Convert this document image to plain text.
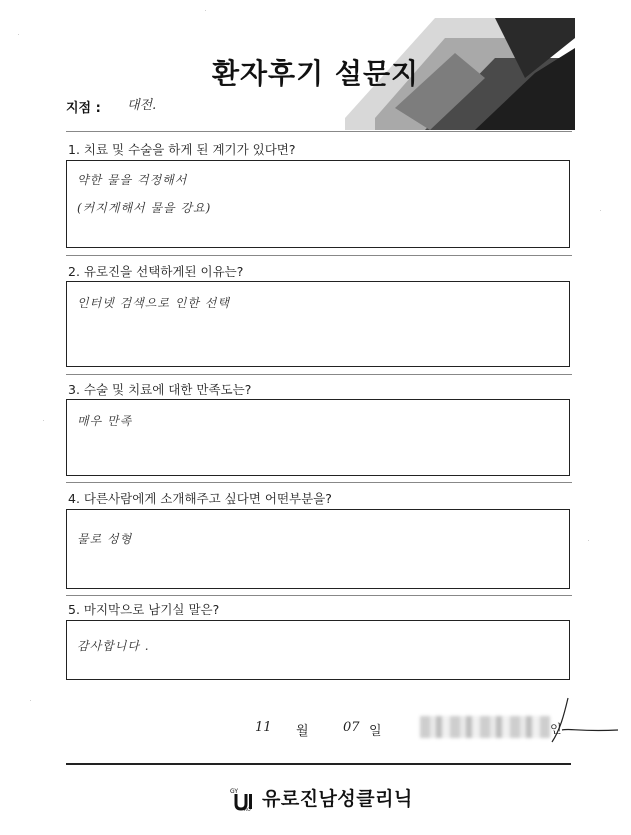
환자후기 설문지
지점 : 대전.
1. 치료 및 수술을 하게 된 계기가 있다면?
약한 물을 걱정해서
(커지게해서 물을 강요)
2. 유로진을 선택하게된 이유는?
인터넷 검색으로 인한 선택
3. 수술 및 치료에 대한 만족도는?
매우 만족
4. 다른사람에게 소개해주고 싶다면 어떤부분을?
물로 성형
5. 마지막으로 남기실 말은?
감사합니다 .
11 월	07 일	인
GY
RO 유로진남성클리닉
